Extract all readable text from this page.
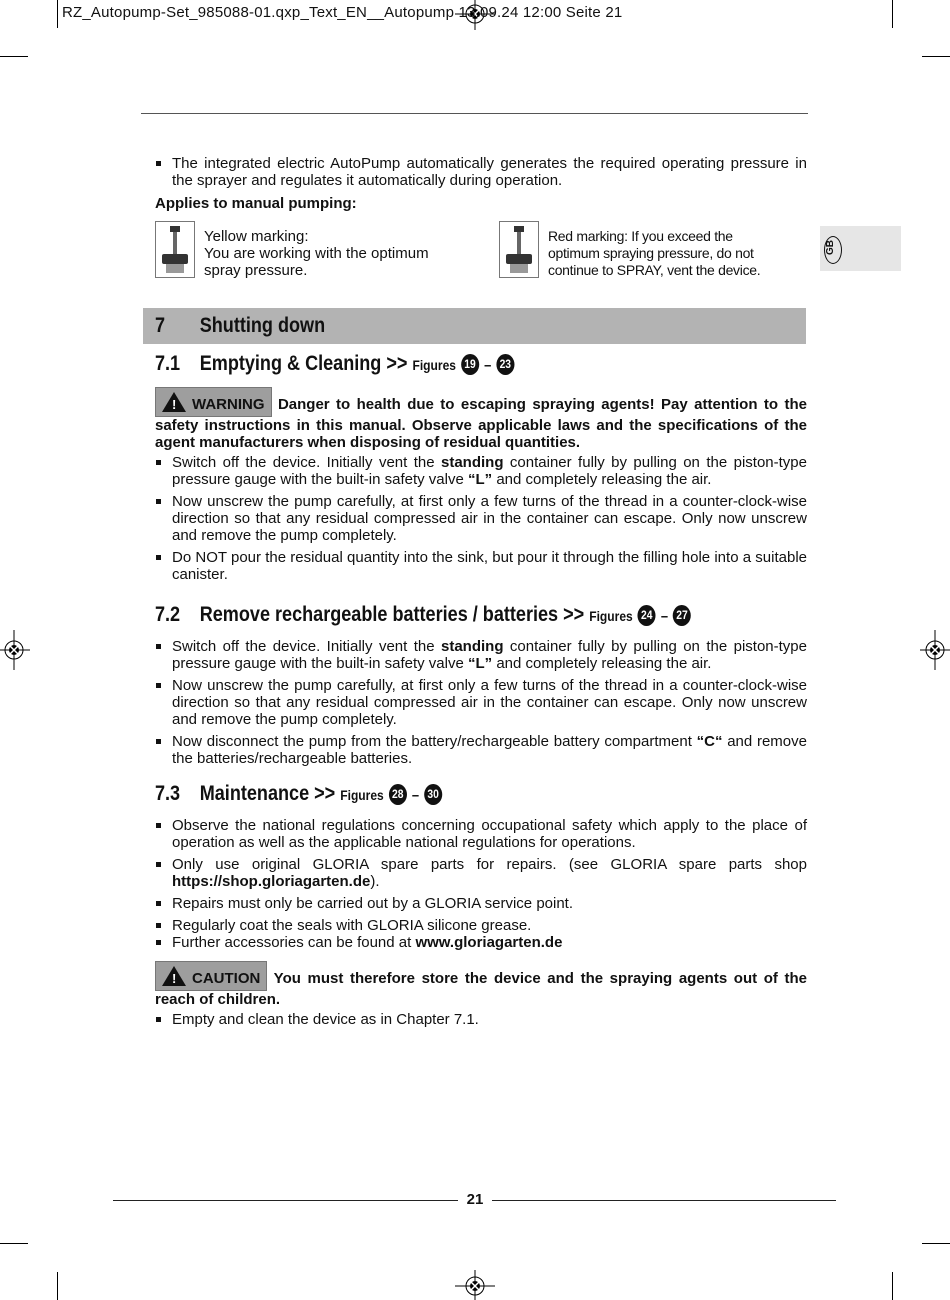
RZ_Autopump-Set_985088-01.qxp_Text_EN__Autopump 13.09.24 12:00 Seite 21
GB
The integrated electric AutoPump automatically generates the required operating pressure in the sprayer and regulates it automatically during operation.
Applies to manual pumping:
Yellow marking:
You are working with the optimum
spray pressure.
Red marking: If you exceed the
optimum spraying pressure, do not
continue to SPRAY, vent the device.
7 Shutting down
7.1 Emptying & Cleaning >> Figures 19 – 23
! WARNING Danger to health due to escaping spraying agents! Pay attention to the safety instructions in this manual. Observe applicable laws and the specifications of the agent manufacturers when disposing of residual quantities.
Switch off the device. Initially vent the standing container fully by pulling on the piston-type pressure gauge with the built-in safety valve “L” and completely releasing the air.
Now unscrew the pump carefully, at first only a few turns of the thread in a counter-clock-wise direction so that any residual compressed air in the container can escape. Only now unscrew and remove the pump completely.
Do NOT pour the residual quantity into the sink, but pour it through the filling hole into a suitable canister.
7.2 Remove rechargeable batteries / batteries >> Figures 24 – 27
Switch off the device. Initially vent the standing container fully by pulling on the piston-type pressure gauge with the built-in safety valve “L” and completely releasing the air.
Now unscrew the pump carefully, at first only a few turns of the thread in a counter-clock-wise direction so that any residual compressed air in the container can escape. Only now unscrew and remove the pump completely.
Now disconnect the pump from the battery/rechargeable battery compartment “C“ and remove the batteries/rechargeable batteries.
7.3 Maintenance >> Figures 28 – 30
Observe the national regulations concerning occupational safety which apply to the place of operation as well as the applicable national regulations for operations.
Only use original GLORIA spare parts for repairs. (see GLORIA spare parts shop https://shop.gloriagarten.de).
Repairs must only be carried out by a GLORIA service point.
Regularly coat the seals with GLORIA silicone grease.
Further accessories can be found at www.gloriagarten.de
! CAUTION You must therefore store the device and the spraying agents out of the reach of children.
Empty and clean the device as in Chapter 7.1.
21
